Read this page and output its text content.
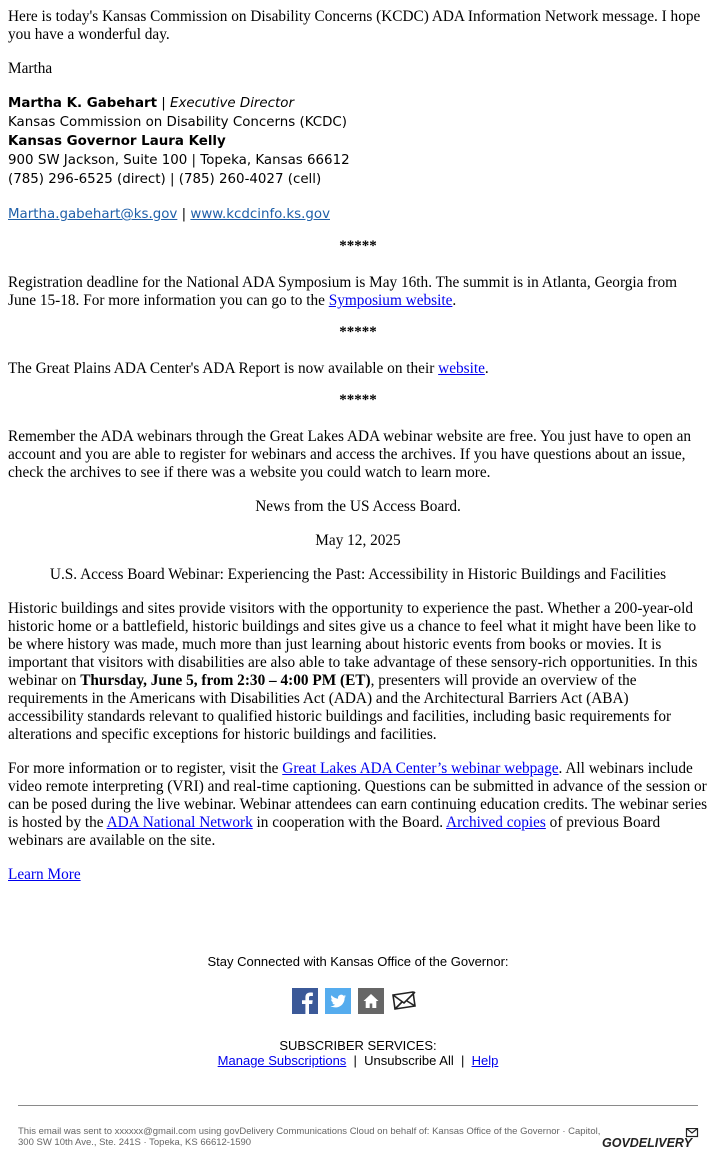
Here is today's Kansas Commission on Disability Concerns (KCDC) ADA Information Network message. I hope you have a wonderful day.

Martha

Martha K. Gabehart | Executive Director
Kansas Commission on Disability Concerns (KCDC)
Kansas Governor Laura Kelly
900 SW Jackson, Suite 100 | Topeka, Kansas 66612
(785) 296-6525 (direct) | (785) 260-4027 (cell)
Martha.gabehart@ks.gov | www.kcdcinfo.ks.gov
*****

Registration deadline for the National ADA Symposium is May 16th. The summit is in Atlanta, Georgia from June 15-18. For more information you can go to the Symposium website.

*****

The Great Plains ADA Center's ADA Report is now available on their website.

*****

Remember the ADA webinars through the Great Lakes ADA webinar website are free. You just have to open an account and you are able to register for webinars and access the archives. If you have questions about an issue, check the archives to see if there was a website you could watch to learn more.

News from the US Access Board.

May 12, 2025

U.S. Access Board Webinar: Experiencing the Past: Accessibility in Historic Buildings and Facilities

Historic buildings and sites provide visitors with the opportunity to experience the past. Whether a 200-year-old historic home or a battlefield, historic buildings and sites give us a chance to feel what it might have been like to be where history was made, much more than just learning about historic events from books or movies. It is important that visitors with disabilities are also able to take advantage of these sensory-rich opportunities. In this webinar on Thursday, June 5, from 2:30 – 4:00 PM (ET), presenters will provide an overview of the requirements in the Americans with Disabilities Act (ADA) and the Architectural Barriers Act (ABA) accessibility standards relevant to qualified historic buildings and facilities, including basic requirements for alterations and specific exceptions for historic buildings and facilities.

For more information or to register, visit the Great Lakes ADA Center’s webinar webpage. All webinars include video remote interpreting (VRI) and real-time captioning. Questions can be submitted in advance of the session or can be posed during the live webinar. Webinar attendees can earn continuing education credits. The webinar series is hosted by the ADA National Network in cooperation with the Board. Archived copies of previous Board webinars are available on the site.

Learn More

Stay Connected with Kansas Office of the Governor:
SUBSCRIBER SERVICES:
Manage Subscriptions  |  Unsubscribe All  |  Help
This email was sent to xxxxxx@gmail.com using govDelivery Communications Cloud on behalf of: Kansas Office of the Governor · Capitol, 300 SW 10th Ave., Ste. 241S · Topeka, KS 66612-1590	GOVDELIVERY
